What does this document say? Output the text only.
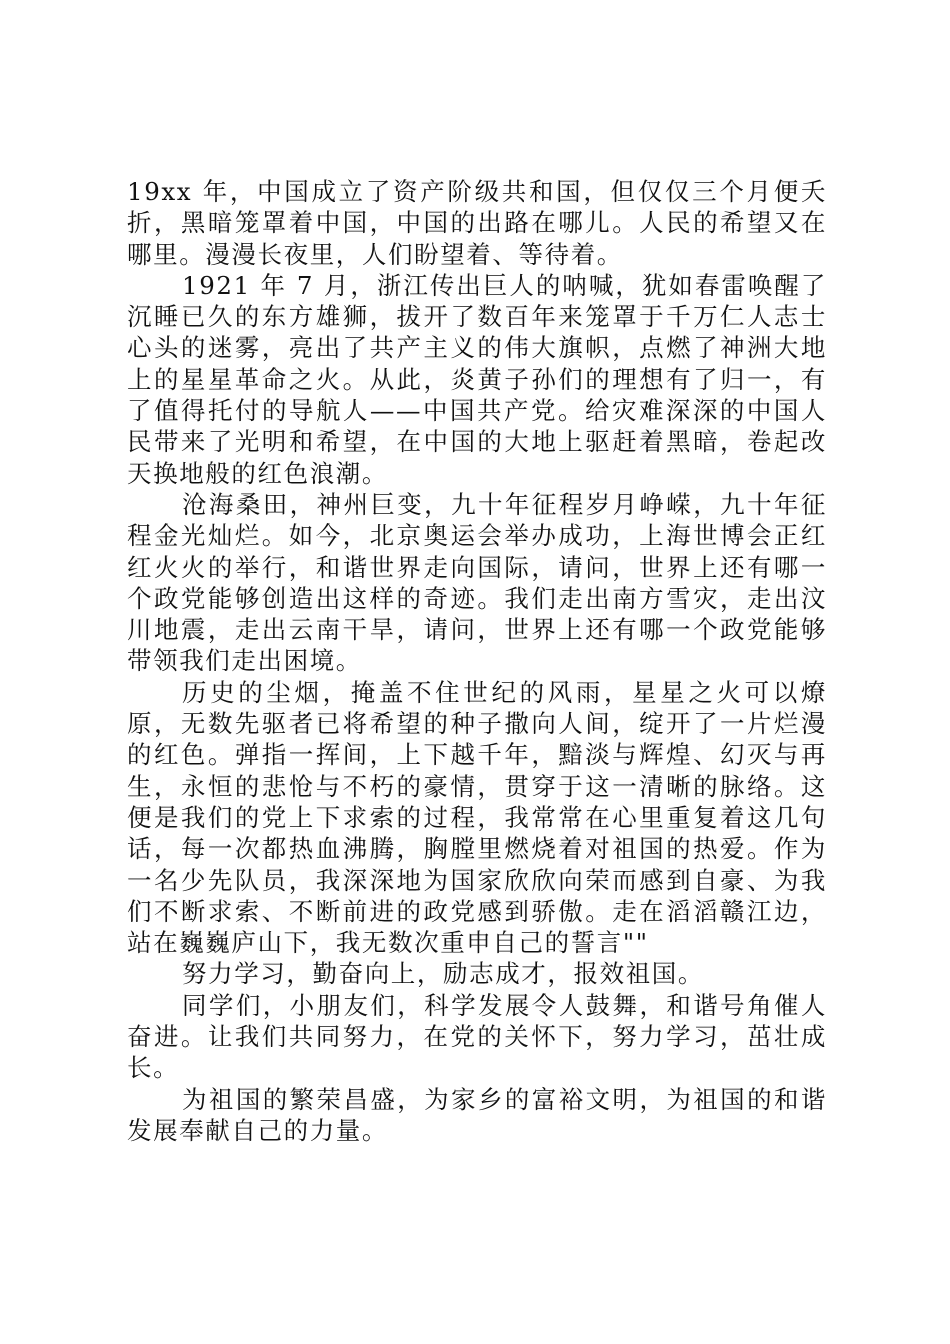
19xx 年，中国成立了资产阶级共和国，但仅仅三个月便夭折，黑暗笼罩着中国，中国的出路在哪儿。人民的希望又在哪里。漫漫长夜里，人们盼望着、等待着。

1921 年 7 月，浙江传出巨人的呐喊，犹如春雷唤醒了沉睡已久的东方雄狮，拔开了数百年来笼罩于千万仁人志士心头的迷雾，亮出了共产主义的伟大旗帜，点燃了神洲大地上的星星革命之火。从此，炎黄子孙们的理想有了归一，有了值得托付的导航人——中国共产党。给灾难深深的中国人民带来了光明和希望，在中国的大地上驱赶着黑暗，卷起改天换地般的红色浪潮。

沧海桑田，神州巨变，九十年征程岁月峥嵘，九十年征程金光灿烂。如今，北京奥运会举办成功，上海世博会正红红火火的举行，和谐世界走向国际，请问，世界上还有哪一个政党能够创造出这样的奇迹。我们走出南方雪灾，走出汶川地震，走出云南干旱，请问，世界上还有哪一个政党能够带领我们走出困境。

历史的尘烟，掩盖不住世纪的风雨，星星之火可以燎原，无数先驱者已将希望的种子撒向人间，绽开了一片烂漫的红色。弹指一挥间，上下越千年，黯淡与辉煌、幻灭与再生，永恒的悲怆与不朽的豪情，贯穿于这一清晰的脉络。这便是我们的党上下求索的过程，我常常在心里重复着这几句话，每一次都热血沸腾，胸膛里燃烧着对祖国的热爱。作为一名少先队员，我深深地为国家欣欣向荣而感到自豪、为我们不断求索、不断前进的政党感到骄傲。走在滔滔赣江边，站在巍巍庐山下，我无数次重申自己的誓言""

努力学习，勤奋向上，励志成才，报效祖国。

同学们，小朋友们，科学发展令人鼓舞，和谐号角催人奋进。让我们共同努力，在党的关怀下，努力学习，茁壮成长。

为祖国的繁荣昌盛，为家乡的富裕文明，为祖国的和谐发展奉献自己的力量。
